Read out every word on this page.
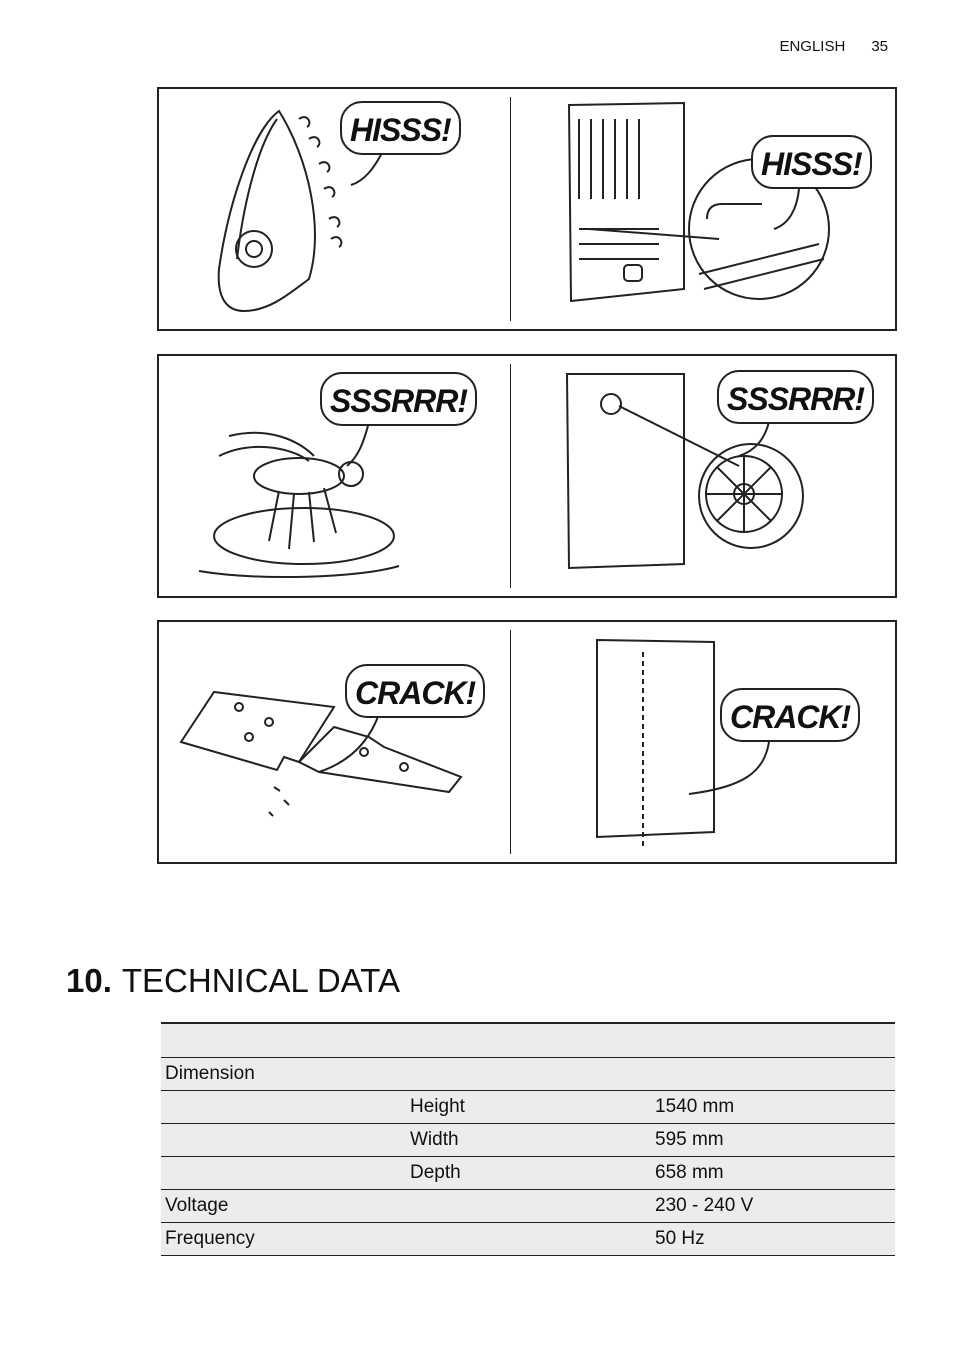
ENGLISH 35
HISSS!
HISSS!
SSSRRR!	SSSRRR!
CRACK!
CRACK!
10. TECHNICAL DATA

Dimension		
	Height	1540 mm
	Width	595 mm
	Depth	658 mm
Voltage		230 - 240 V
Frequency		50 Hz
